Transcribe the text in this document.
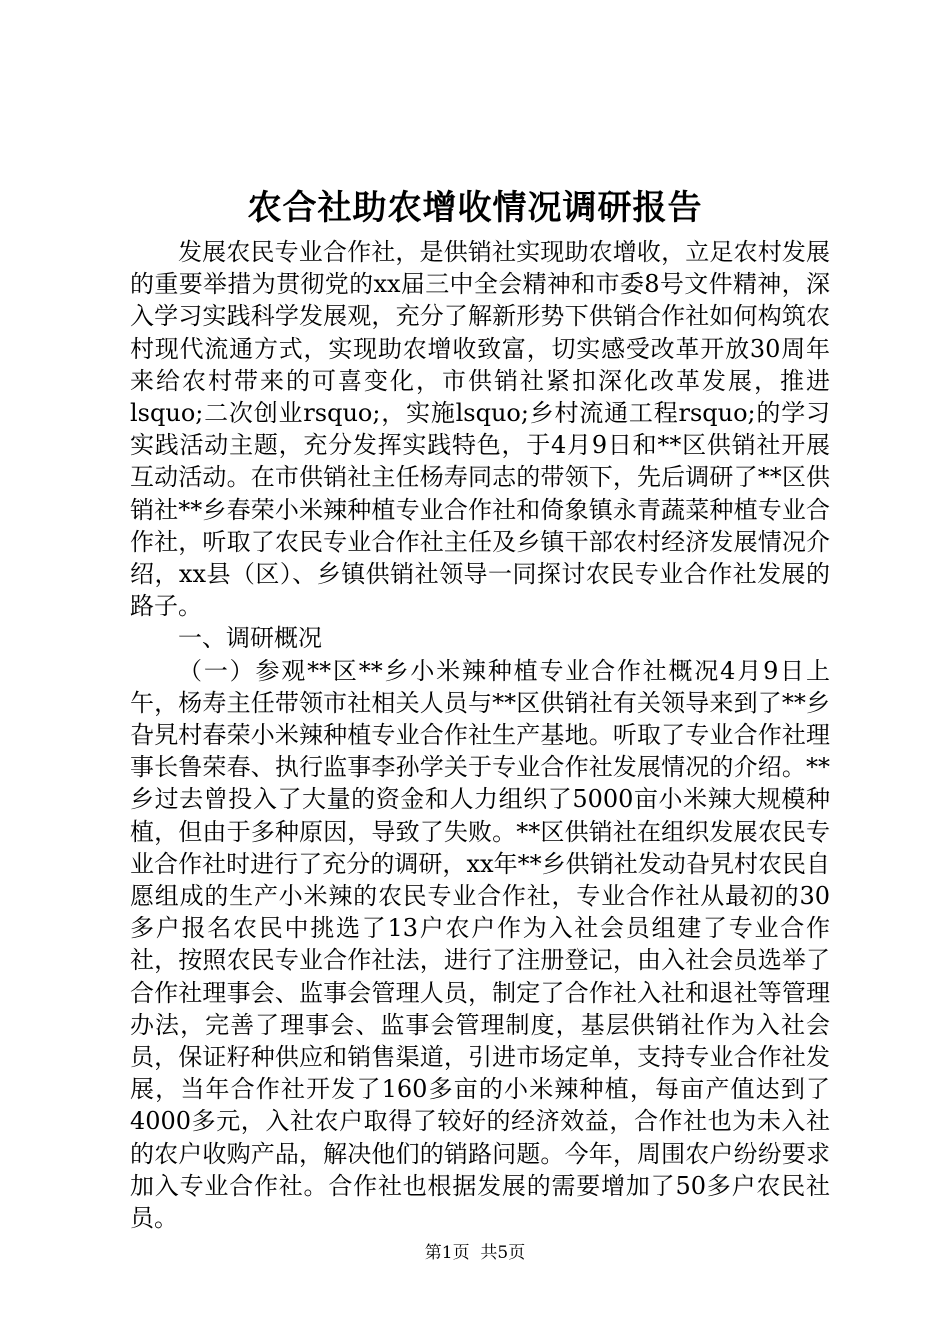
农合社助农增收情况调研报告

发展农民专业合作社，是供销社实现助农增收，立足农村发展的重要举措为贯彻党的xx届三中全会精神和市委8号文件精神，深入学习实践科学发展观，充分了解新形势下供销合作社如何构筑农村现代流通方式，实现助农增收致富，切实感受改革开放30周年来给农村带来的可喜变化，市供销社紧扣深化改革发展，推进lsquo;二次创业rsquo;，实施lsquo;乡村流通工程rsquo;的学习实践活动主题，充分发挥实践特色，于4月9日和**区供销社开展互动活动。在市供销社主任杨寿同志的带领下，先后调研了**区供销社**乡春荣小米辣种植专业合作社和倚象镇永青蔬菜种植专业合作社，听取了农民专业合作社主任及乡镇干部农村经济发展情况介绍，xx县（区）、乡镇供销社领导一同探讨农民专业合作社发展的路子。

一、调研概况

（一）参观**区**乡小米辣种植专业合作社概况4月9日上午，杨寿主任带领市社相关人员与**区供销社有关领导来到了**乡旮旯村春荣小米辣种植专业合作社生产基地。听取了专业合作社理事长鲁荣春、执行监事李孙学关于专业合作社发展情况的介绍。**乡过去曾投入了大量的资金和人力组织了5000亩小米辣大规模种植，但由于多种原因，导致了失败。**区供销社在组织发展农民专业合作社时进行了充分的调研，xx年**乡供销社发动旮旯村农民自愿组成的生产小米辣的农民专业合作社，专业合作社从最初的30多户报名农民中挑选了13户农户作为入社会员组建了专业合作社，按照农民专业合作社法，进行了注册登记，由入社会员选举了合作社理事会、监事会管理人员，制定了合作社入社和退社等管理办法，完善了理事会、监事会管理制度，基层供销社作为入社会员，保证籽种供应和销售渠道，引进市场定单，支持专业合作社发展，当年合作社开发了160多亩的小米辣种植，每亩产值达到了4000多元，入社农户取得了较好的经济效益，合作社也为未入社的农户收购产品，解决他们的销路问题。今年，周围农户纷纷要求加入专业合作社。合作社也根据发展的需要增加了50多户农民社员。

第1页 共5页
